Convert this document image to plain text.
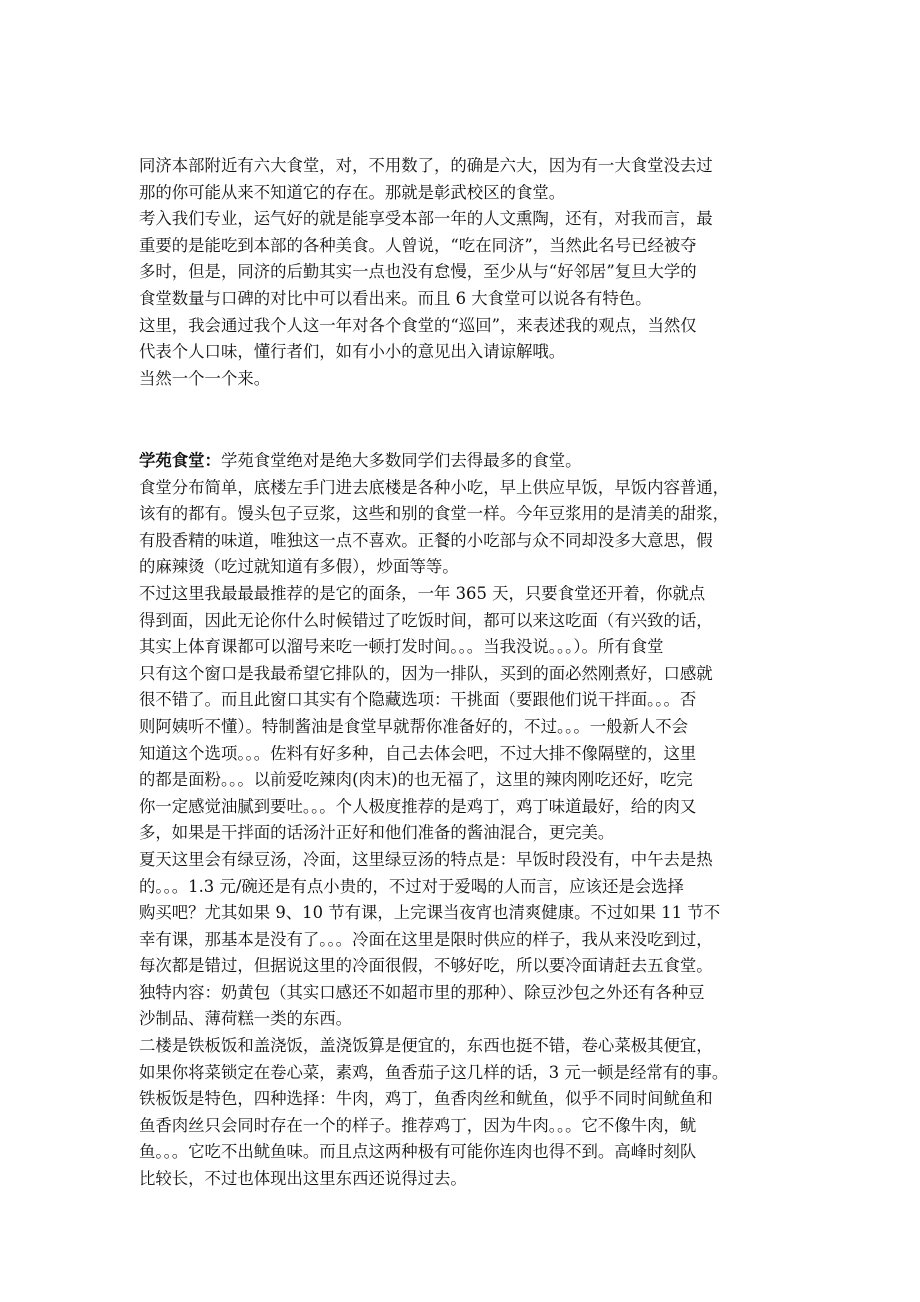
同济本部附近有六大食堂，对，不用数了，的确是六大，因为有一大食堂没去过
那的你可能从来不知道它的存在。那就是彰武校区的食堂。
考入我们专业，运气好的就是能享受本部一年的人文熏陶，还有，对我而言，最
重要的是能吃到本部的各种美食。人曾说，“吃在同济”，当然此名号已经被夺
多时，但是，同济的后勤其实一点也没有怠慢，至少从与“好邻居”复旦大学的
食堂数量与口碑的对比中可以看出来。而且 6 大食堂可以说各有特色。
这里，我会通过我个人这一年对各个食堂的“巡回”，来表述我的观点，当然仅
代表个人口味，懂行者们，如有小小的意见出入请谅解哦。
当然一个一个来。
学苑食堂：学苑食堂绝对是绝大多数同学们去得最多的食堂。
食堂分布简单，底楼左手门进去底楼是各种小吃，早上供应早饭，早饭内容普通，
该有的都有。馒头包子豆浆，这些和别的食堂一样。今年豆浆用的是清美的甜浆，
有股香精的味道，唯独这一点不喜欢。正餐的小吃部与众不同却没多大意思，假
的麻辣烫（吃过就知道有多假），炒面等等。
不过这里我最最最推荐的是它的面条，一年 365 天，只要食堂还开着，你就点
得到面，因此无论你什么时候错过了吃饭时间，都可以来这吃面（有兴致的话，
其实上体育课都可以溜号来吃一顿打发时间。。。当我没说。。。）。所有食堂
只有这个窗口是我最希望它排队的，因为一排队，买到的面必然刚煮好，口感就
很不错了。而且此窗口其实有个隐藏选项：干挑面（要跟他们说干拌面。。。否
则阿姨听不懂）。特制酱油是食堂早就帮你准备好的，不过。。。一般新人不会
知道这个选项。。。佐料有好多种，自己去体会吧，不过大排不像隔壁的，这里
的都是面粉。。。以前爱吃辣肉(肉末)的也无福了，这里的辣肉刚吃还好，吃完
你一定感觉油腻到要吐。。。个人极度推荐的是鸡丁，鸡丁味道最好，给的肉又
多，如果是干拌面的话汤汁正好和他们准备的酱油混合，更完美。
夏天这里会有绿豆汤，冷面，这里绿豆汤的特点是：早饭时段没有，中午去是热
的。。。1.3 元/碗还是有点小贵的，不过对于爱喝的人而言，应该还是会选择
购买吧？尤其如果 9、10 节有课，上完课当夜宵也清爽健康。不过如果 11 节不
幸有课，那基本是没有了。。。冷面在这里是限时供应的样子，我从来没吃到过，
每次都是错过，但据说这里的冷面很假，不够好吃，所以要冷面请赶去五食堂。
独特内容：奶黄包（其实口感还不如超市里的那种）、除豆沙包之外还有各种豆
沙制品、薄荷糕一类的东西。
二楼是铁板饭和盖浇饭，盖浇饭算是便宜的，东西也挺不错，卷心菜极其便宜，
如果你将菜锁定在卷心菜，素鸡，鱼香茄子这几样的话，3 元一顿是经常有的事。
铁板饭是特色，四种选择：牛肉，鸡丁，鱼香肉丝和鱿鱼，似乎不同时间鱿鱼和
鱼香肉丝只会同时存在一个的样子。推荐鸡丁，因为牛肉。。。它不像牛肉，鱿
鱼。。。它吃不出鱿鱼味。而且点这两种极有可能你连肉也得不到。高峰时刻队
比较长，不过也体现出这里东西还说得过去。
